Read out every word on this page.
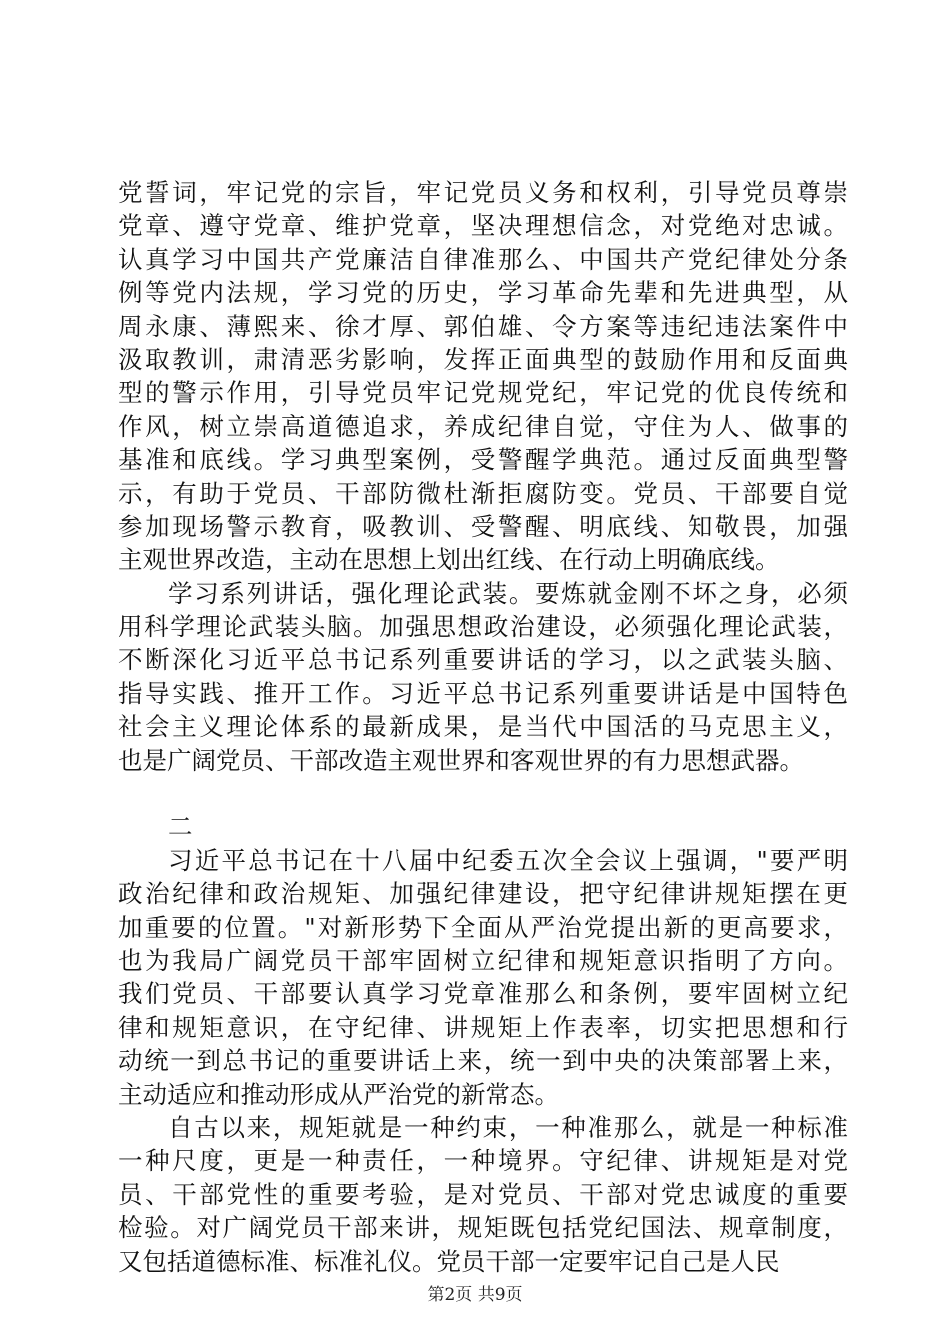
党誓词，牢记党的宗旨，牢记党员义务和权利，引导党员尊崇
党章、遵守党章、维护党章，坚决理想信念，对党绝对忠诚。
认真学习中国共产党廉洁自律准那么、中国共产党纪律处分条
例等党内法规，学习党的历史，学习革命先辈和先进典型，从
周永康、薄熙来、徐才厚、郭伯雄、令方案等违纪违法案件中
汲取教训，肃清恶劣影响，发挥正面典型的鼓励作用和反面典
型的警示作用，引导党员牢记党规党纪，牢记党的优良传统和
作风，树立崇高道德追求，养成纪律自觉，守住为人、做事的
基准和底线。学习典型案例，受警醒学典范。通过反面典型警
示，有助于党员、干部防微杜渐拒腐防变。党员、干部要自觉
参加现场警示教育，吸教训、受警醒、明底线、知敬畏，加强
主观世界改造，主动在思想上划出红线、在行动上明确底线。
学习系列讲话，强化理论武装。要炼就金刚不坏之身，必须
用科学理论武装头脑。加强思想政治建设，必须强化理论武装，
不断深化习近平总书记系列重要讲话的学习，以之武装头脑、
指导实践、推开工作。习近平总书记系列重要讲话是中国特色
社会主义理论体系的最新成果，是当代中国活的马克思主义，
也是广阔党员、干部改造主观世界和客观世界的有力思想武器。
二
习近平总书记在十八届中纪委五次全会议上强调，"要严明
政治纪律和政治规矩、加强纪律建设，把守纪律讲规矩摆在更
加重要的位置。"对新形势下全面从严治党提出新的更高要求，
也为我局广阔党员干部牢固树立纪律和规矩意识指明了方向。
我们党员、干部要认真学习党章准那么和条例，要牢固树立纪
律和规矩意识，在守纪律、讲规矩上作表率，切实把思想和行
动统一到总书记的重要讲话上来，统一到中央的决策部署上来，
主动适应和推动形成从严治党的新常态。
自古以来，规矩就是一种约束，一种准那么，就是一种标准
一种尺度，更是一种责任，一种境界。守纪律、讲规矩是对党
员、干部党性的重要考验，是对党员、干部对党忠诚度的重要
检验。对广阔党员干部来讲，规矩既包括党纪国法、规章制度，
又包括道德标准、标准礼仪。党员干部一定要牢记自己是人民
第2页 共9页
